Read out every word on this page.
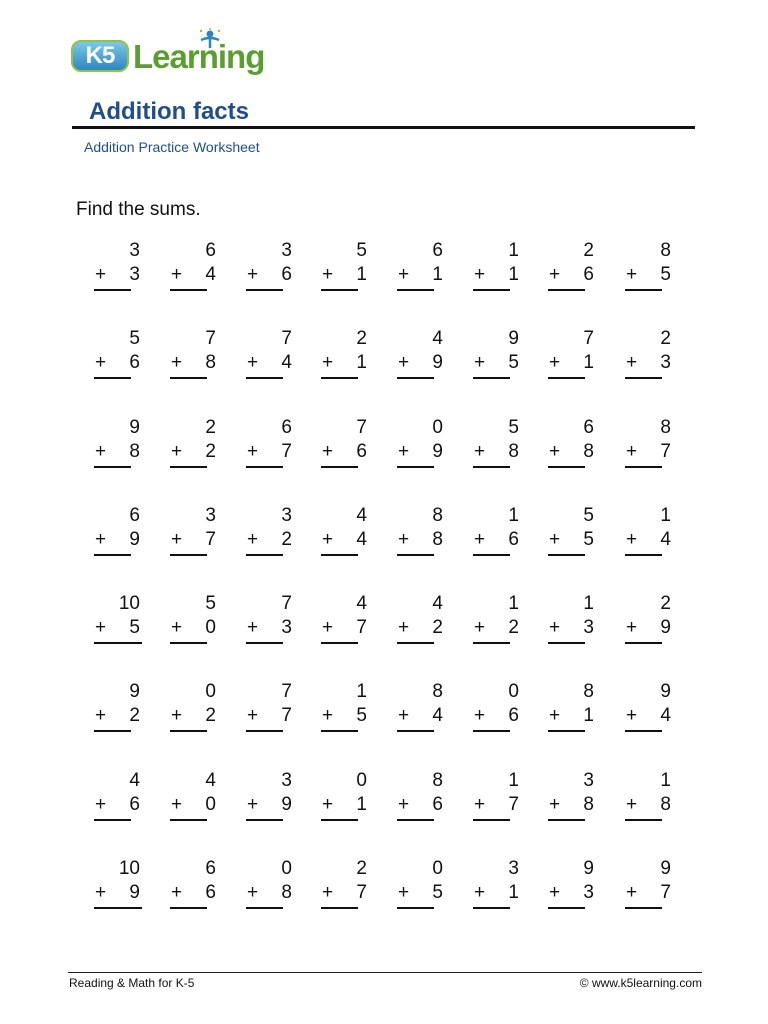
K5 Learning
Addition facts
Addition Practice Worksheet
Find the sums.
3
+ 3
6
+ 4
3
+ 6
5
+ 1
6
+ 1
1
+ 1
2
+ 6
8
+ 5
5
+ 6
7
+ 8
7
+ 4
2
+ 1
4
+ 9
9
+ 5
7
+ 1
2
+ 3
9
+ 8
2
+ 2
6
+ 7
7
+ 6
0
+ 9
5
+ 8
6
+ 8
8
+ 7
6
+ 9
3
+ 7
3
+ 2
4
+ 4
8
+ 8
1
+ 6
5
+ 5
1
+ 4
10
+ 5
5
+ 0
7
+ 3
4
+ 7
4
+ 2
1
+ 2
1
+ 3
2
+ 9
9
+ 2
0
+ 2
7
+ 7
1
+ 5
8
+ 4
0
+ 6
8
+ 1
9
+ 4
4
+ 6
4
+ 0
3
+ 9
0
+ 1
8
+ 6
1
+ 7
3
+ 8
1
+ 8
10
+ 9
6
+ 6
0
+ 8
2
+ 7
0
+ 5
3
+ 1
9
+ 3
9
+ 7
Reading & Math for K-5	© www.k5learning.com
